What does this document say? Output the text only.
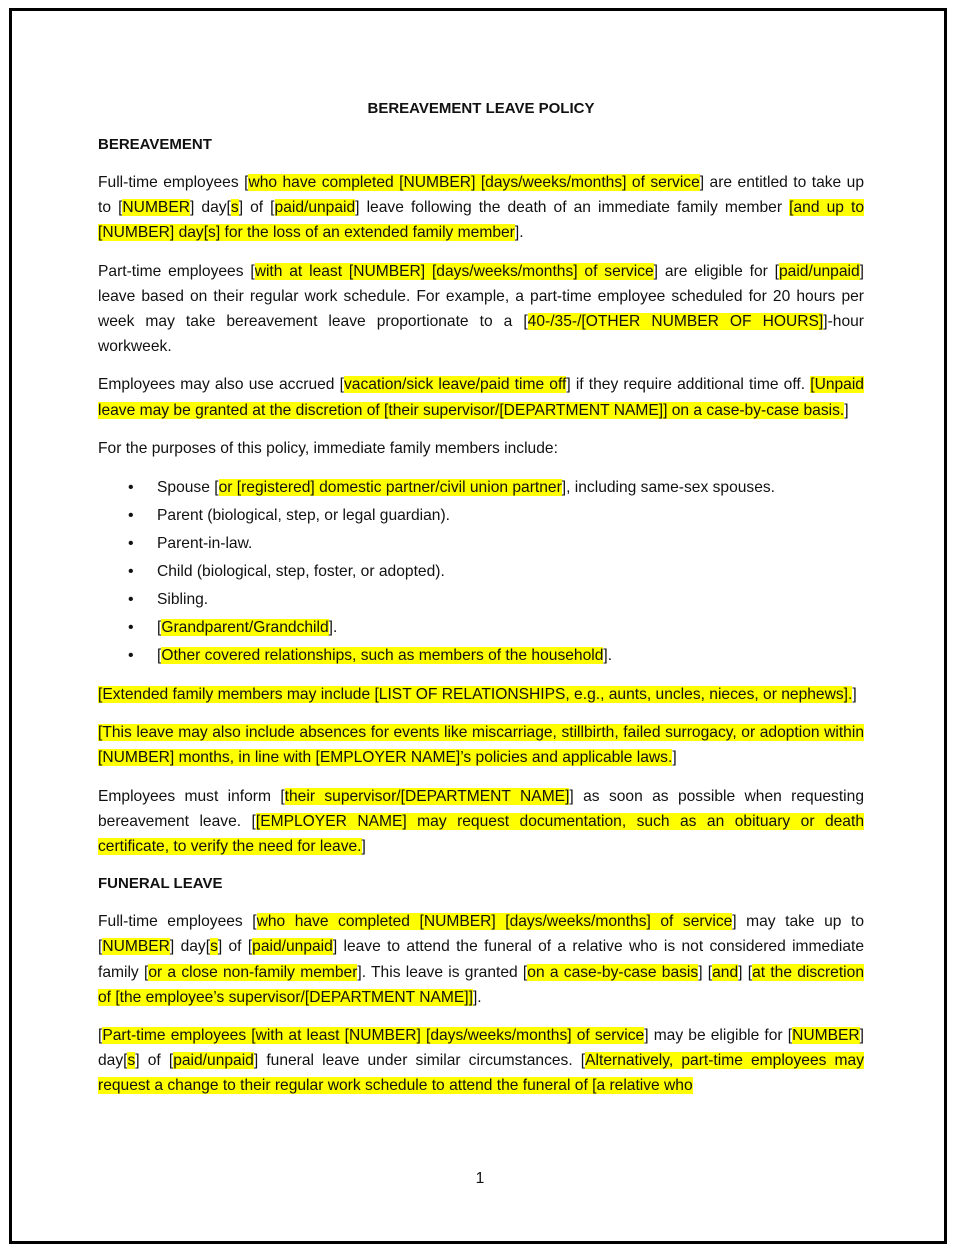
BEREAVEMENT LEAVE POLICY
BEREAVEMENT

Full-time employees [who have completed [NUMBER] [days/weeks/months] of service] are entitled to take up to [NUMBER] day[s] of [paid/unpaid] leave following the death of an immediate family member [and up to [NUMBER] day[s] for the loss of an extended family member].

Part-time employees [with at least [NUMBER] [days/weeks/months] of service] are eligible for [paid/unpaid] leave based on their regular work schedule. For example, a part-time employee scheduled for 20 hours per week may take bereavement leave proportionate to a [40-/35-/[OTHER NUMBER OF HOURS]]-hour workweek.

Employees may also use accrued [vacation/sick leave/paid time off] if they require additional time off. [Unpaid leave may be granted at the discretion of [their supervisor/[DEPARTMENT NAME]] on a case-by-case basis.]

For the purposes of this policy, immediate family members include:

• Spouse [or [registered] domestic partner/civil union partner], including same-sex spouses.
• Parent (biological, step, or legal guardian).
• Parent-in-law.
• Child (biological, step, foster, or adopted).
• Sibling.
• [Grandparent/Grandchild].
• [Other covered relationships, such as members of the household].

[Extended family members may include [LIST OF RELATIONSHIPS, e.g., aunts, uncles, nieces, or nephews].]

[This leave may also include absences for events like miscarriage, stillbirth, failed surrogacy, or adoption within [NUMBER] months, in line with [EMPLOYER NAME]’s policies and applicable laws.]

Employees must inform [their supervisor/[DEPARTMENT NAME]] as soon as possible when requesting bereavement leave. [[EMPLOYER NAME] may request documentation, such as an obituary or death certificate, to verify the need for leave.]

FUNERAL LEAVE

Full-time employees [who have completed [NUMBER] [days/weeks/months] of service] may take up to [NUMBER] day[s] of [paid/unpaid] leave to attend the funeral of a relative who is not considered immediate family [or a close non-family member]. This leave is granted [on a case-by-case basis] [and] [at the discretion of [the employee’s supervisor/[DEPARTMENT NAME]]].

[Part-time employees [with at least [NUMBER] [days/weeks/months] of service] may be eligible for [NUMBER] day[s] of [paid/unpaid] funeral leave under similar circumstances. [Alternatively, part-time employees may request a change to their regular work schedule to attend the funeral of [a relative who

1
